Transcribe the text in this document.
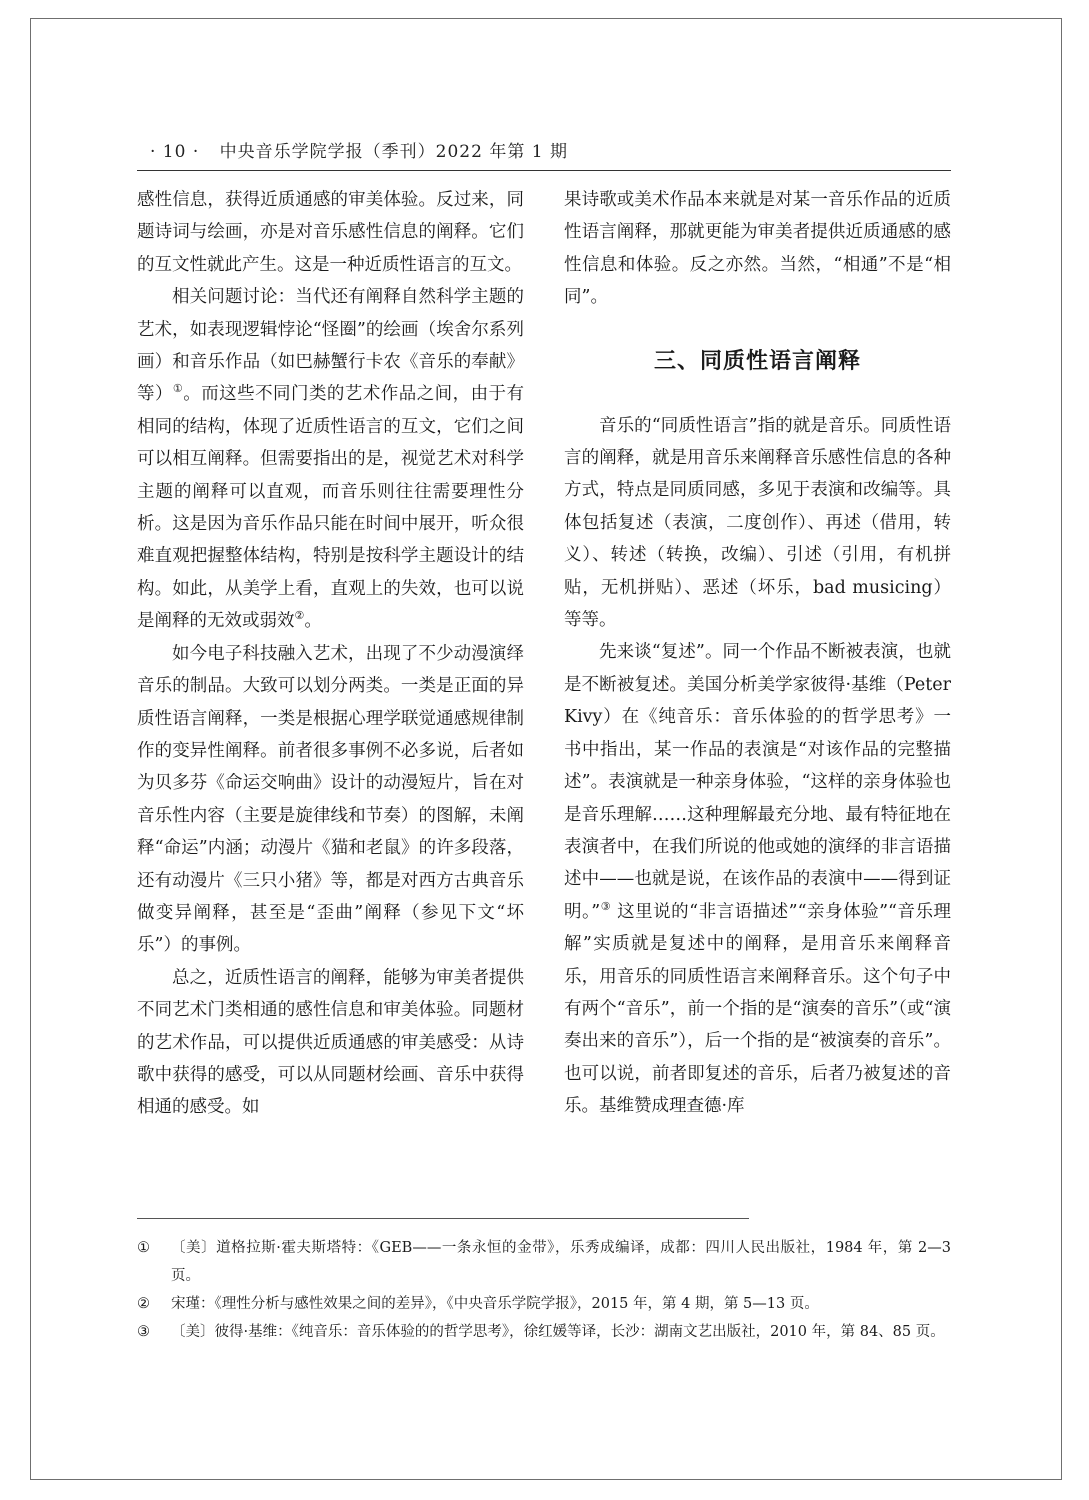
· 10 · 中央音乐学院学报（季刊）2022 年第 1 期

感性信息，获得近质通感的审美体验。反过来，同题诗词与绘画，亦是对音乐感性信息的阐释。它们的互文性就此产生。这是一种近质性语言的互文。

相关问题讨论：当代还有阐释自然科学主题的艺术，如表现逻辑悖论“怪圈”的绘画（埃舍尔系列画）和音乐作品（如巴赫蟹行卡农《音乐的奉献》等）①。而这些不同门类的艺术作品之间，由于有相同的结构，体现了近质性语言的互文，它们之间可以相互阐释。但需要指出的是，视觉艺术对科学主题的阐释可以直观，而音乐则往往需要理性分析。这是因为音乐作品只能在时间中展开，听众很难直观把握整体结构，特别是按科学主题设计的结构。如此，从美学上看，直观上的失效，也可以说是阐释的无效或弱效②。

如今电子科技融入艺术，出现了不少动漫演绎音乐的制品。大致可以划分两类。一类是正面的异质性语言阐释，一类是根据心理学联觉通感规律制作的变异性阐释。前者很多事例不必多说，后者如为贝多芬《命运交响曲》设计的动漫短片，旨在对音乐性内容（主要是旋律线和节奏）的图解，未阐释“命运”内涵；动漫片《猫和老鼠》的许多段落，还有动漫片《三只小猪》等，都是对西方古典音乐做变异阐释，甚至是“歪曲”阐释（参见下文“坏乐”）的事例。

总之，近质性语言的阐释，能够为审美者提供不同艺术门类相通的感性信息和审美体验。同题材的艺术作品，可以提供近质通感的审美感受：从诗歌中获得的感受，可以从同题材绘画、音乐中获得相通的感受。如

果诗歌或美术作品本来就是对某一音乐作品的近质性语言阐释，那就更能为审美者提供近质通感的感性信息和体验。反之亦然。当然，“相通”不是“相同”。

三、同质性语言阐释

音乐的“同质性语言”指的就是音乐。同质性语言的阐释，就是用音乐来阐释音乐感性信息的各种方式，特点是同质同感，多见于表演和改编等。具体包括复述（表演，二度创作）、再述（借用，转义）、转述（转换，改编）、引述（引用，有机拼贴，无机拼贴）、恶述（坏乐，bad musicing）等等。

先来谈“复述”。同一个作品不断被表演，也就是不断被复述。美国分析美学家彼得·基维（Peter Kivy）在《纯音乐：音乐体验的的哲学思考》一书中指出，某一作品的表演是“对该作品的完整描述”。表演就是一种亲身体验，“这样的亲身体验也是音乐理解……这种理解最充分地、最有特征地在表演者中，在我们所说的他或她的演绎的非言语描述中——也就是说，在该作品的表演中——得到证明。”③ 这里说的“非言语描述”“亲身体验”“音乐理解”实质就是复述中的阐释，是用音乐来阐释音乐，用音乐的同质性语言来阐释音乐。这个句子中有两个“音乐”，前一个指的是“演奏的音乐”（或“演奏出来的音乐”），后一个指的是“被演奏的音乐”。也可以说，前者即复述的音乐，后者乃被复述的音乐。基维赞成理查德·库

①	〔美〕道格拉斯·霍夫斯塔特：《GEB——一条永恒的金带》，乐秀成编译，成都：四川人民出版社，1984 年，第 2—3 页。
②	宋瑾：《理性分析与感性效果之间的差异》，《中央音乐学院学报》，2015 年，第 4 期，第 5—13 页。
③	〔美〕彼得·基维：《纯音乐：音乐体验的的哲学思考》，徐红媛等译，长沙：湖南文艺出版社，2010 年，第 84、85 页。
